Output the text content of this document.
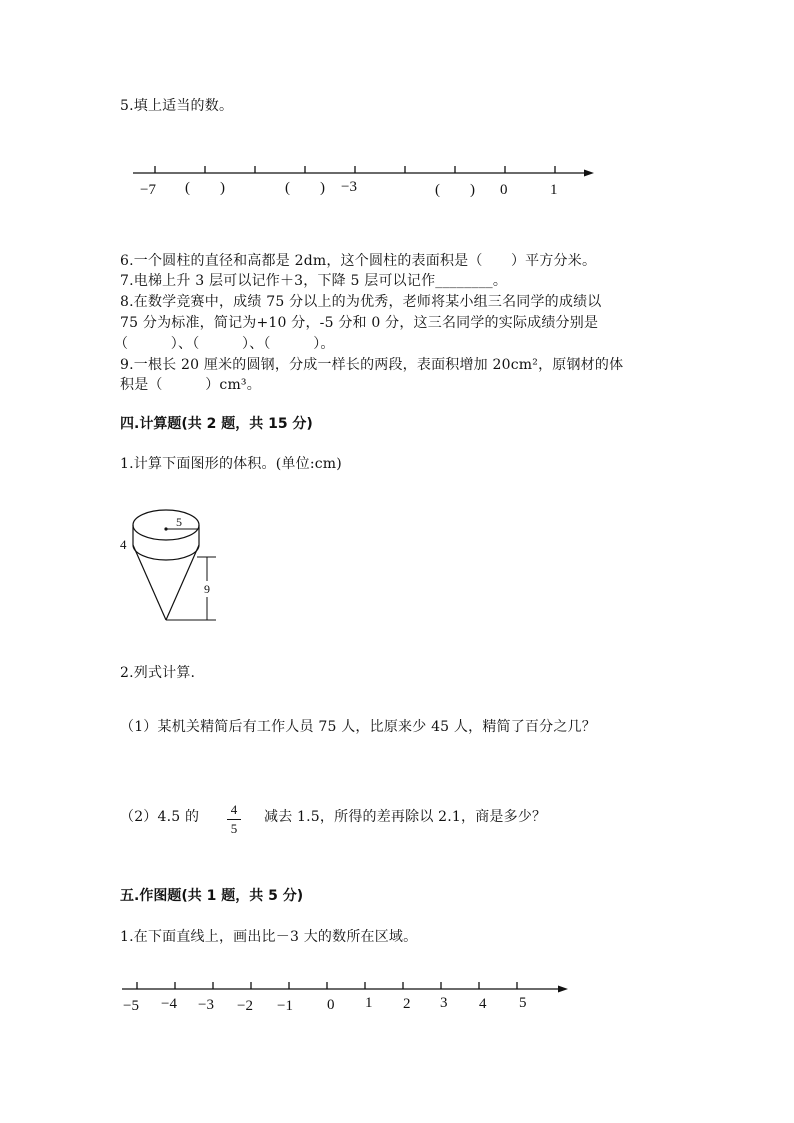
5.填上适当的数。
−7 (　　)	(　　) −3	(　　) 0	1
6.一个圆柱的直径和高都是 2dm，这个圆柱的表面积是（　　）平方分米。
7.电梯上升 3 层可以记作＋3，下降 5 层可以记作________。
8.在数学竞赛中，成绩 75 分以上的为优秀，老师将某小组三名同学的成绩以
75 分为标准，简记为+10 分，-5 分和 0 分，这三名同学的实际成绩分别是
（　　　）、（　　　）、（　　　）。
9.一根长 20 厘米的圆钢，分成一样长的两段，表面积增加 20cm²，原钢材的体
积是（　　　）cm³。
四.计算题(共 2 题，共 15 分)
1.计算下面图形的体积。(单位:cm)
5
4
9
2.列式计算.
（1）某机关精简后有工作人员 75 人，比原来少 45 人，精简了百分之几？
（2）4.5 的 4
5
减去 1.5，所得的差再除以 2.1，商是多少？
五.作图题(共 1 题，共 5 分)
1.在下面直线上，画出比－3 大的数所在区域。
−5 −4 −3 −2 −1 0 1 2 3 4 5
